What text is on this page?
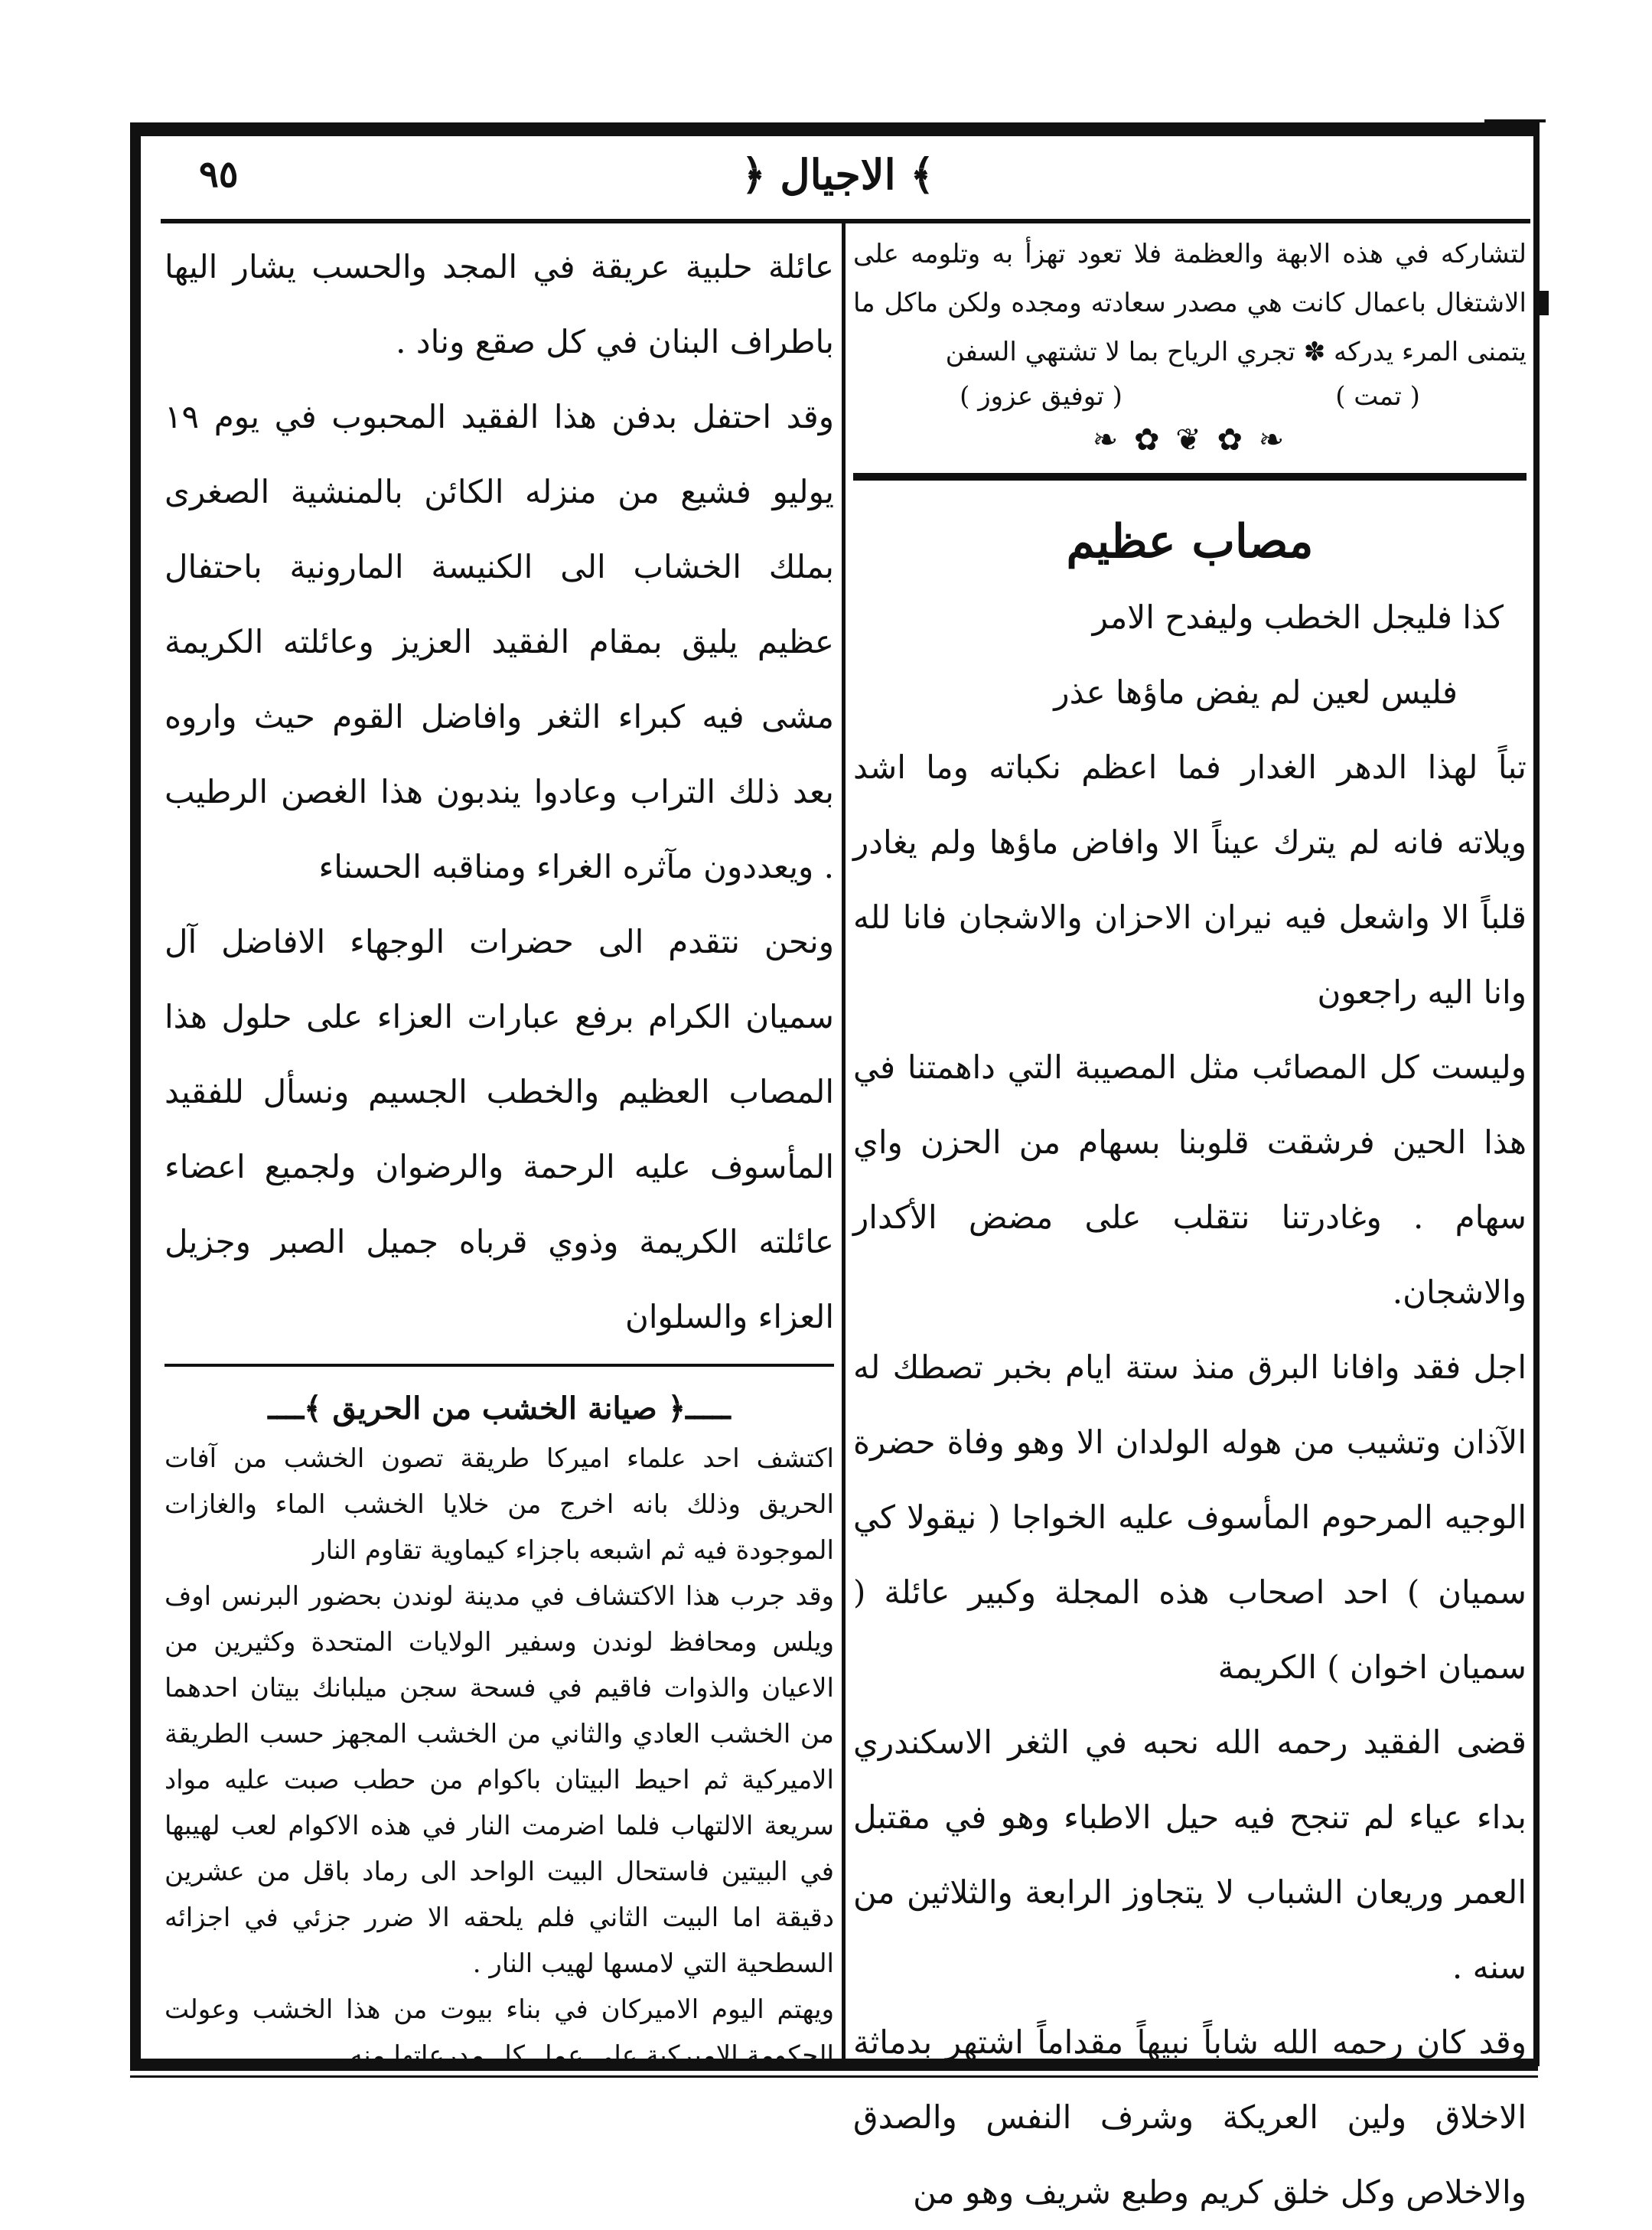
٩٥	﴿ الاجيال ﴾

لتشاركه في هذه الابهة والعظمة فلا تعود تهزأ به وتلومه على الاشتغال باعمال كانت هي مصدر سعادته ومجده ولكن ماكل ما يتمنى المرء يدركه ✽ تجري الرياح بما لا تشتهي السفن

( تمت )
( توفيق عزوز )
❧ ✿ ❦ ✿ ❧
مصاب عظيم

كذا فليجل الخطب وليفدح الامر

فليس لعين لم يفض ماؤها عذر

تباً لهذا الدهر الغدار فما اعظم نكباته وما اشد ويلاته فانه لم يترك عيناً الا وافاض ماؤها ولم يغادر قلباً الا واشعل فيه نيران الاحزان والاشجان فانا لله وانا اليه راجعون

وليست كل المصائب مثل المصيبة التي داهمتنا في هذا الحين فرشقت قلوبنا بسهام من الحزن واي سهام . وغادرتنا نتقلب على مضض الأكدار والاشجان.

اجل فقد وافانا البرق منذ ستة ايام بخبر تصطك له الآذان وتشيب من هوله الولدان الا وهو وفاة حضرة الوجيه المرحوم المأسوف عليه الخواجا ( نيقولا كي سميان ) احد اصحاب هذه المجلة وكبير عائلة ( سميان اخوان ) الكريمة

قضى الفقيد رحمه الله نحبه في الثغر الاسكندري بداء عياء لم تنجح فيه حيل الاطباء وهو في مقتبل العمر وريعان الشباب لا يتجاوز الرابعة والثلاثين من سنه .

وقد كان رحمه الله شاباً نبيهاً مقداماً اشتهر بدماثة الاخلاق ولين العريكة وشرف النفس والصدق والاخلاص وكل خلق كريم وطبع شريف وهو من

عائلة حلبية عريقة في المجد والحسب يشار اليها باطراف البنان في كل صقع وناد .

وقد احتفل بدفن هذا الفقيد المحبوب في يوم ١٩ يوليو فشيع من منزله الكائن بالمنشية الصغرى بملك الخشاب الى الكنيسة المارونية باحتفال عظيم يليق بمقام الفقيد العزيز وعائلته الكريمة مشى فيه كبراء الثغر وافاضل القوم حيث واروه بعد ذلك التراب وعادوا يندبون هذا الغصن الرطيب . ويعددون مآثره الغراء ومناقبه الحسناء

ونحن نتقدم الى حضرات الوجهاء الافاضل آل سميان الكرام برفع عبارات العزاء على حلول هذا المصاب العظيم والخطب الجسيم ونسأل للفقيد المأسوف عليه الرحمة والرضوان ولجميع اعضاء عائلته الكريمة وذوي قرباه جميل الصبر وجزيل العزاء والسلوان

ـــــ﴿ صيانة الخشب من الحريق ﴾ــــ

اكتشف احد علماء اميركا طريقة تصون الخشب من آفات الحريق وذلك بانه اخرج من خلايا الخشب الماء والغازات الموجودة فيه ثم اشبعه باجزاء كيماوية تقاوم النار

وقد جرب هذا الاكتشاف في مدينة لوندن بحضور البرنس اوف ويلس ومحافظ لوندن وسفير الولايات المتحدة وكثيرين من الاعيان والذوات فاقيم في فسحة سجن ميلبانك بيتان احدهما من الخشب العادي والثاني من الخشب المجهز حسب الطريقة الاميركية ثم احيط البيتان باكوام من حطب صبت عليه مواد سريعة الالتهاب فلما اضرمت النار في هذه الاكوام لعب لهيبها في البيتين فاستحال البيت الواحد الى رماد باقل من عشرين دقيقة اما البيت الثاني فلم يلحقه الا ضرر جزئي في اجزائه السطحية التي لامسها لهيب النار .

ويهتم اليوم الاميركان في بناء بيوت من هذا الخشب وعولت الحكومة الاميركية على عمل كل مدرعاتها منه .
